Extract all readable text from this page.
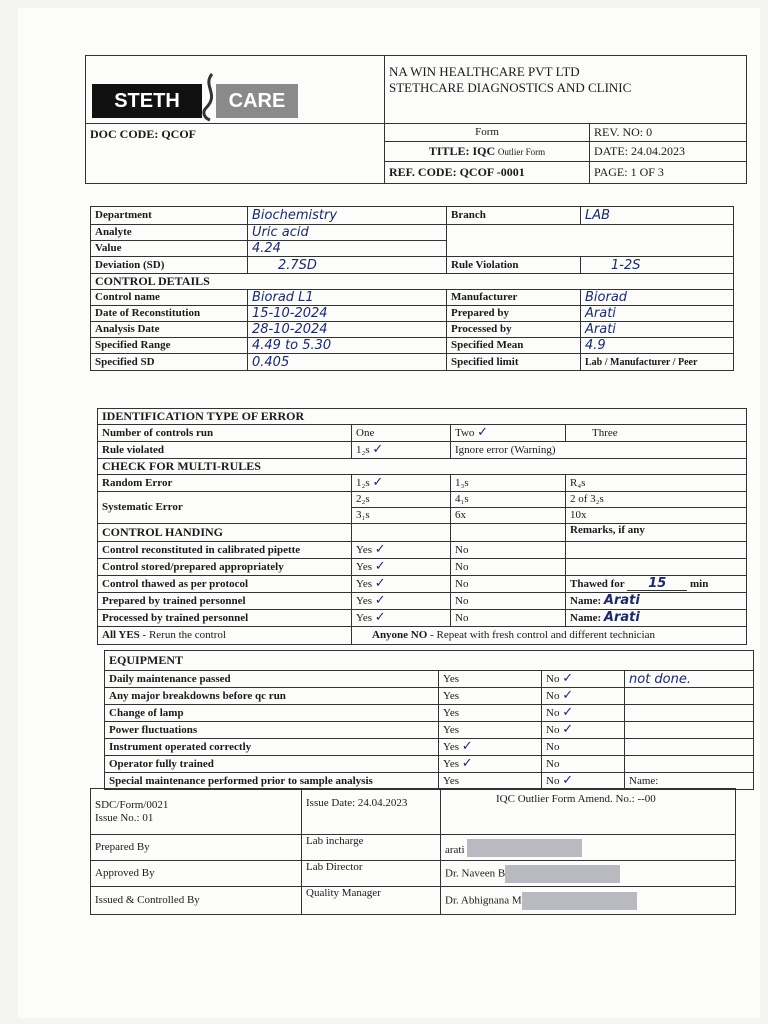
	NA WIN HEALTHCARE PVT LTD
STETHCARE DIAGNOSTICS AND CLINIC	

DOC CODE: QCOF	Form	REV. NO: 0
	TITLE: IQC Outlier Form	DATE: 24.04.2023
	REF. CODE: QCOF -0001	PAGE: 1 OF 3
STETH	CARE
Department	Biochemistry	Branch	LAB
Analyte	Uric acid		
Value	4.24		
Deviation (SD)	2.7SD	Rule Violation	1-2S
CONTROL DETAILS			
Control name	Biorad L1	Manufacturer	Biorad
Date of Reconstitution	15-10-2024	Prepared by	Arati
Analysis Date	28-10-2024	Processed by	Arati
Specified Range	4.49 to 5.30	Specified Mean	4.9
Specified SD	0.405	Specified limit	Lab / Manufacturer / Peer
IDENTIFICATION TYPE OF ERROR			
Number of controls run	One	Two ✓	Three
Rule violated	1₂s ✓	Ignore error (Warning)	
CHECK FOR MULTI-RULES			
Random Error	1₂s ✓	1₃s	R₄s
Systematic Error	2₂s	4₁s	2 of 3₂s
	3₁s	6x	10x
CONTROL HANDING			Remarks, if any
Control reconstituted in calibrated pipette	Yes ✓	No	
Control stored/prepared appropriately	Yes ✓	No	
Control thawed as per protocol	Yes ✓	No	Thawed for 15 min
Prepared by trained personnel	Yes ✓	No	Name: Arati
Processed by trained personnel	Yes ✓	No	Name: Arati
All YES - Rerun the control	Anyone NO - Repeat with fresh control and different technician		
EQUIPMENT			
Daily maintenance passed	Yes	No ✓	not done.
Any major breakdowns before qc run	Yes	No ✓	
Change of lamp	Yes	No ✓	
Power fluctuations	Yes	No ✓	
Instrument operated correctly	Yes ✓	No	
Operator fully trained	Yes ✓	No	
Special maintenance performed prior to sample analysis	Yes	No ✓	Name:
SDC/Form/0021
Issue No.: 01	Issue Date: 24.04.2023	IQC Outlier Form Amend. No.: --00
Prepared By	Lab incharge	arati
Approved By	Lab Director	Dr. Naveen B
Issued & Controlled By	Quality Manager	Dr. Abhignana M
